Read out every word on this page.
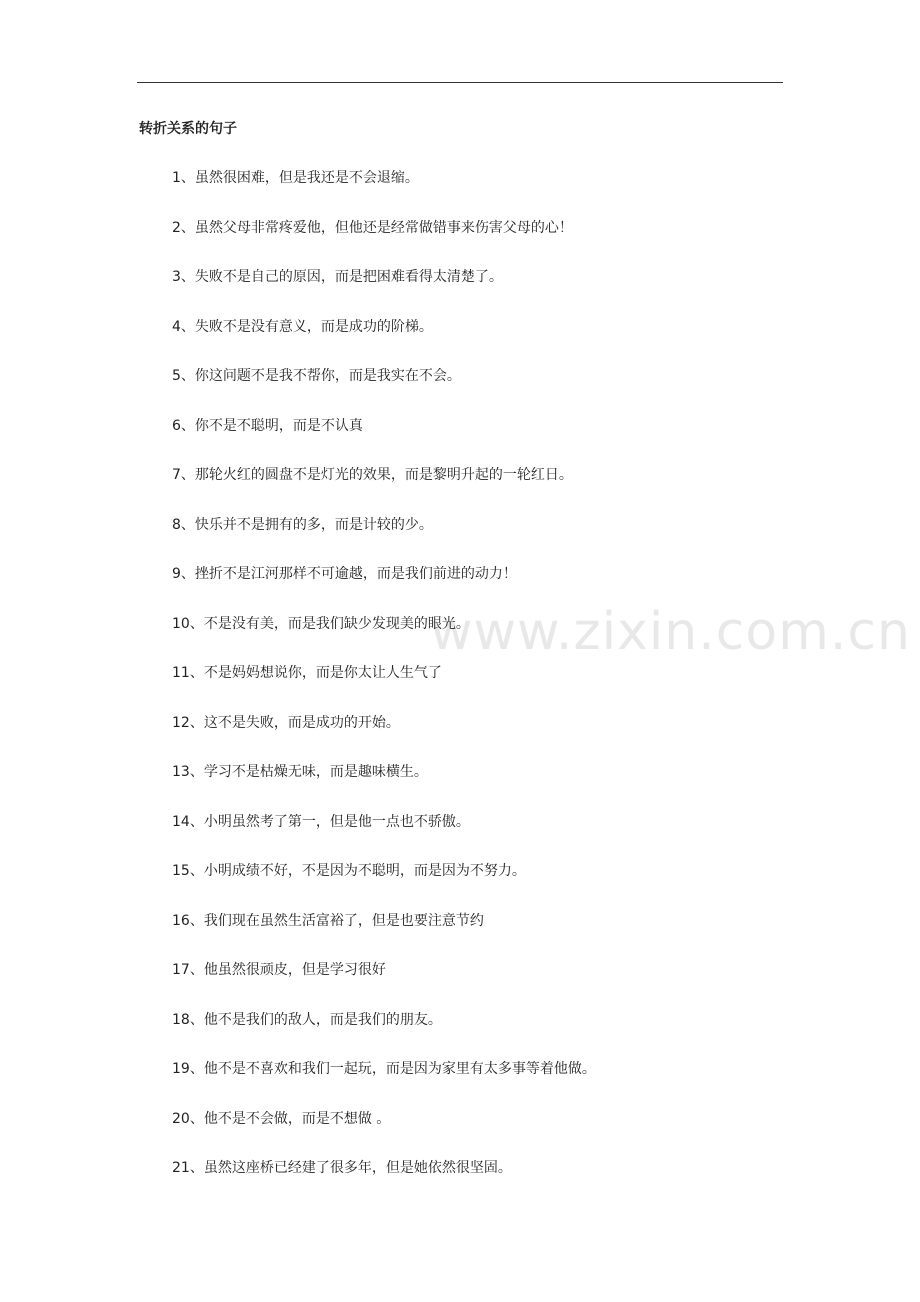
转折关系的句子
www.zixin.com.cn
1、虽然很困难，但是我还是不会退缩。
2、虽然父母非常疼爱他，但他还是经常做错事来伤害父母的心！
3、失败不是自己的原因，而是把困难看得太清楚了。
4、失败不是没有意义，而是成功的阶梯。
5、你这问题不是我不帮你，而是我实在不会。
6、你不是不聪明，而是不认真
7、那轮火红的圆盘不是灯光的效果，而是黎明升起的一轮红日。
8、快乐并不是拥有的多，而是计较的少。
9、挫折不是江河那样不可逾越，而是我们前进的动力！
10、不是没有美，而是我们缺少发现美的眼光。
11、不是妈妈想说你，而是你太让人生气了
12、这不是失败，而是成功的开始。
13、学习不是枯燥无味，而是趣味横生。
14、小明虽然考了第一，但是他一点也不骄傲。
15、小明成绩不好，不是因为不聪明，而是因为不努力。
16、我们现在虽然生活富裕了，但是也要注意节约
17、他虽然很顽皮，但是学习很好
18、他不是我们的敌人，而是我们的朋友。
19、他不是不喜欢和我们一起玩，而是因为家里有太多事等着他做。
20、他不是不会做，而是不想做 。
21、虽然这座桥已经建了很多年，但是她依然很坚固。
